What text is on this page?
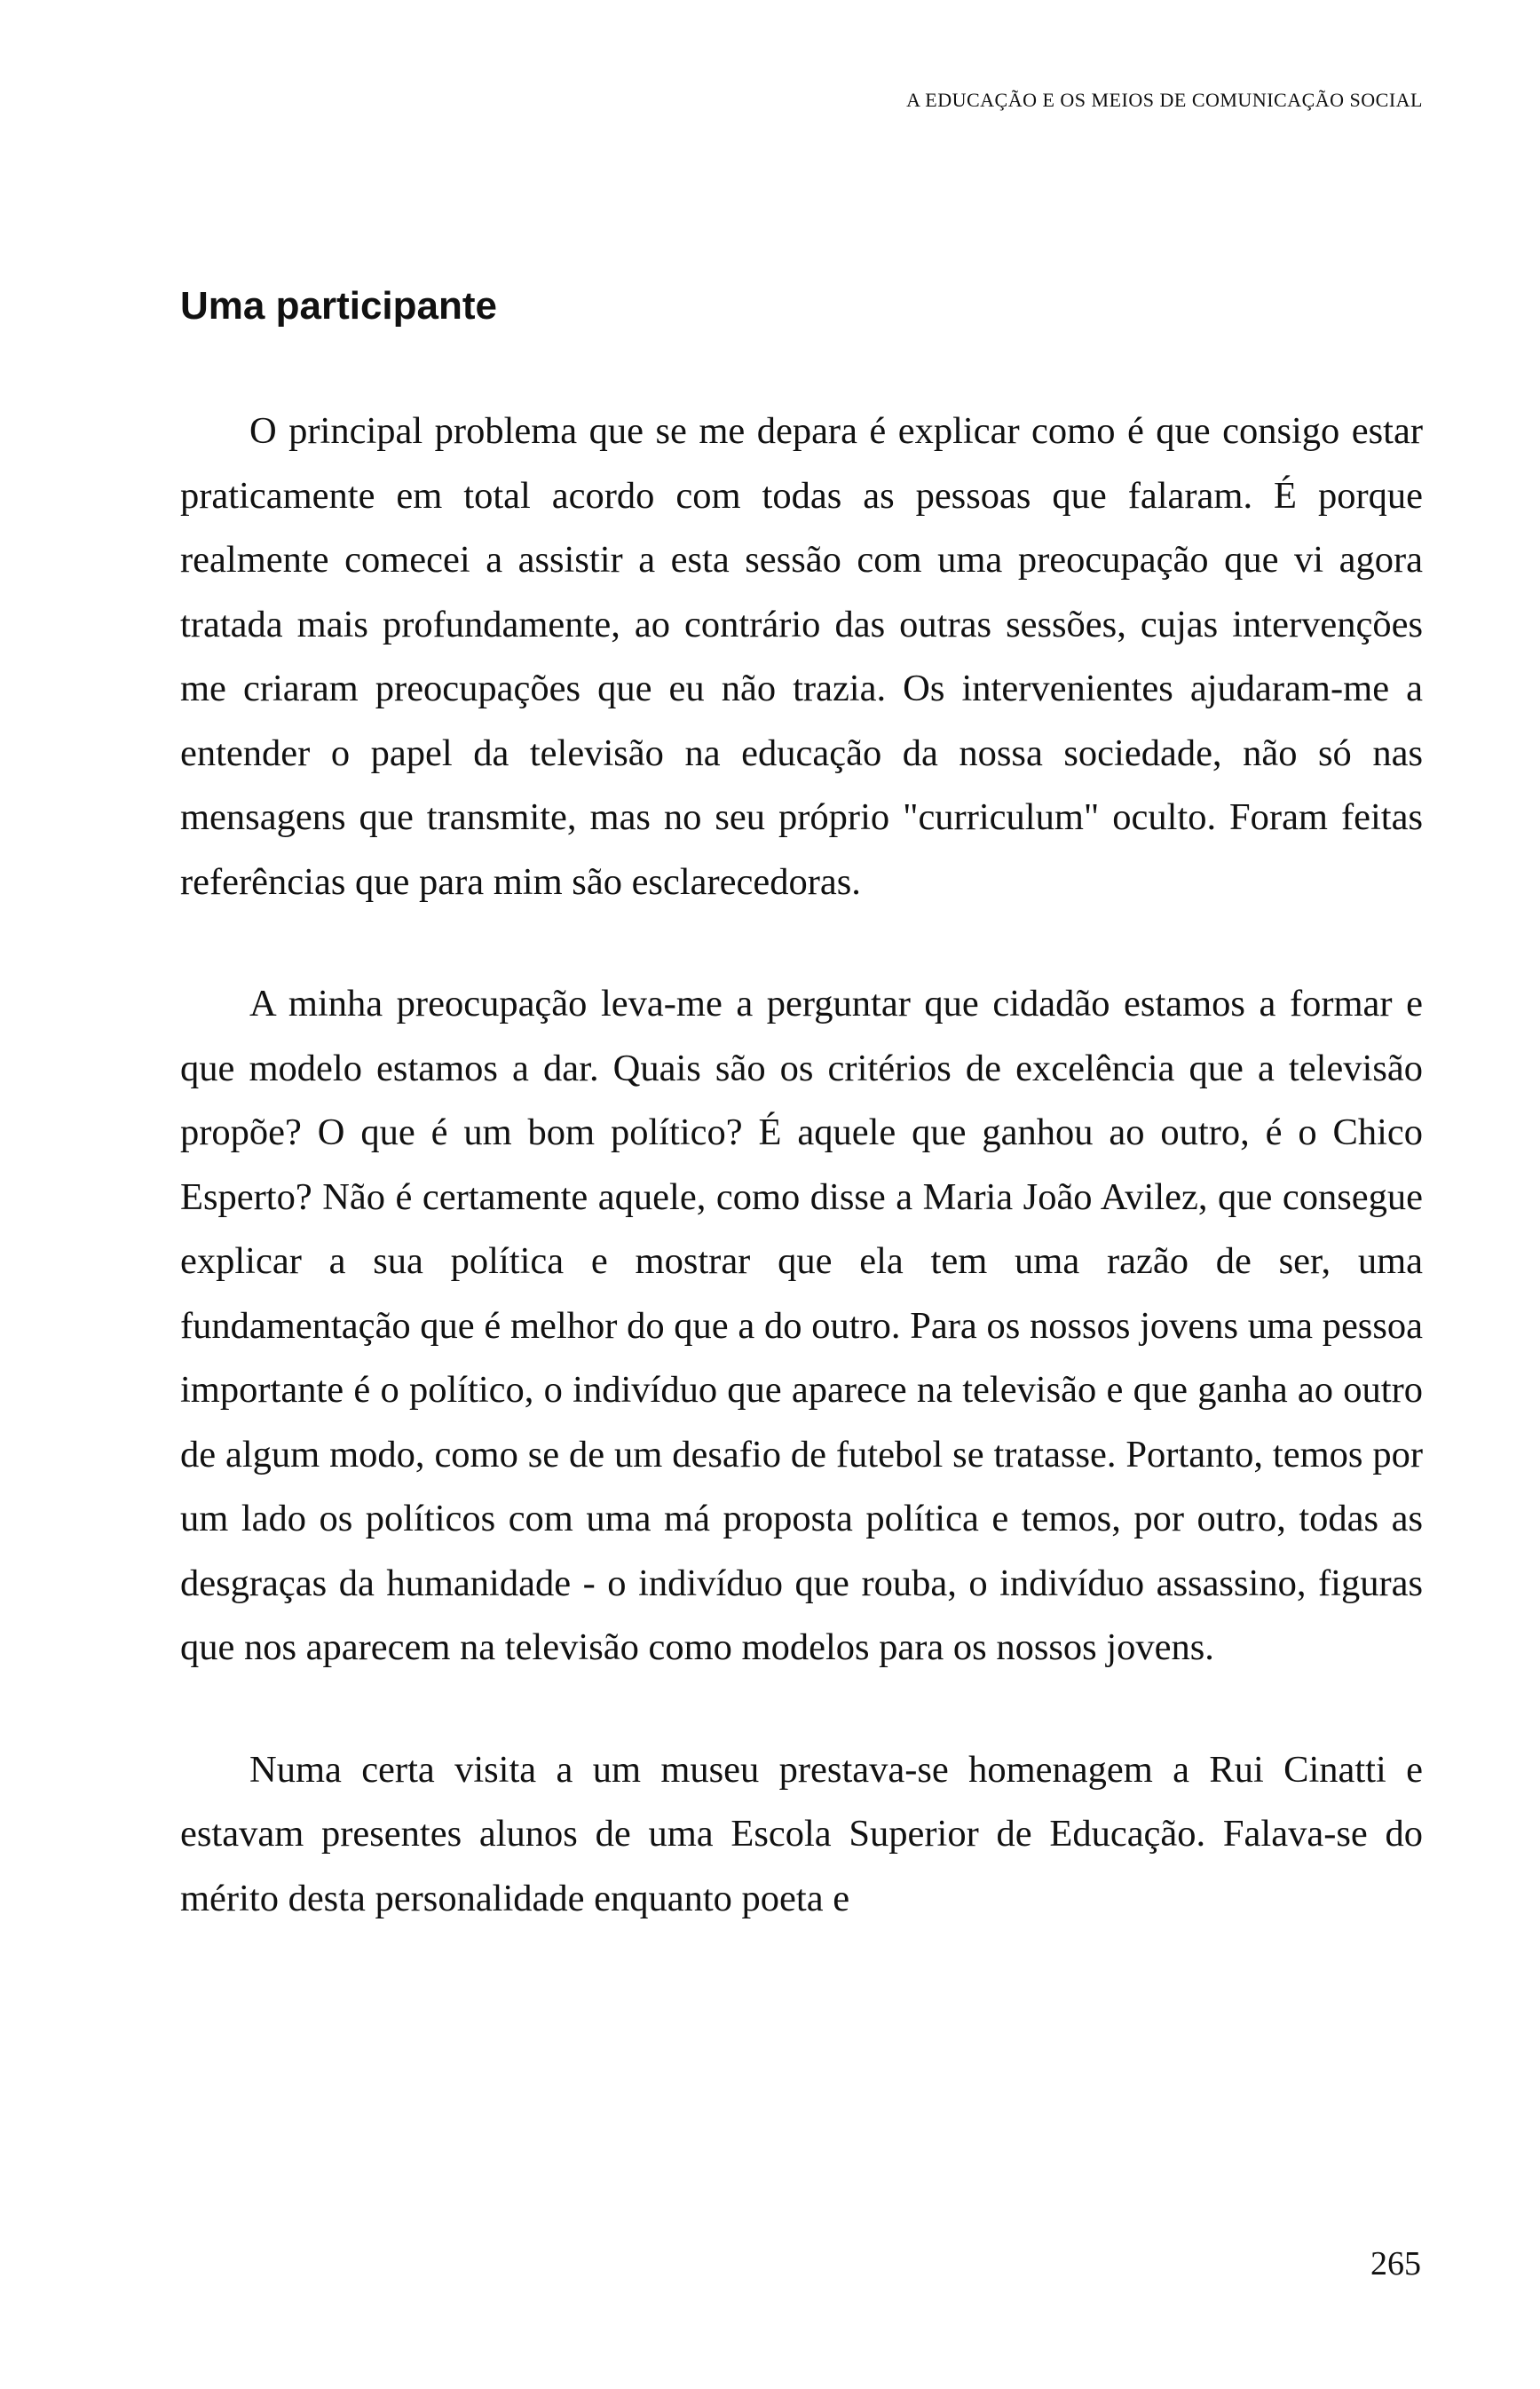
A EDUCAÇÃO E OS MEIOS DE COMUNICAÇÃO SOCIAL
Uma participante

O principal problema que se me depara é explicar como é que consigo estar praticamente em total acordo com todas as pessoas que falaram. É porque realmente comecei a assistir a esta sessão com uma preocupação que vi agora tratada mais profundamente, ao contrário das outras sessões, cujas intervenções me criaram preocupações que eu não trazia. Os intervenientes ajudaram-me a entender o papel da televisão na educação da nossa sociedade, não só nas mensagens que transmite, mas no seu próprio "curriculum" oculto. Foram feitas referências que para mim são esclarecedoras.

A minha preocupação leva-me a perguntar que cidadão estamos a formar e que modelo estamos a dar. Quais são os critérios de excelência que a televisão propõe? O que é um bom político? É aquele que ganhou ao outro, é o Chico Esperto? Não é certamente aquele, como disse a Maria João Avilez, que consegue explicar a sua política e mostrar que ela tem uma razão de ser, uma fundamentação que é melhor do que a do outro. Para os nossos jovens uma pessoa importante é o político, o indivíduo que aparece na televisão e que ganha ao outro de algum modo, como se de um desafio de futebol se tratasse. Portanto, temos por um lado os políticos com uma má proposta política e temos, por outro, todas as desgraças da humanidade - o indivíduo que rouba, o indivíduo assassino, figuras que nos aparecem na televisão como modelos para os nossos jovens.

Numa certa visita a um museu prestava-se homenagem a Rui Cinatti e estavam presentes alunos de uma Escola Superior de Educação. Falava-se do mérito desta personalidade enquanto poeta e

265
